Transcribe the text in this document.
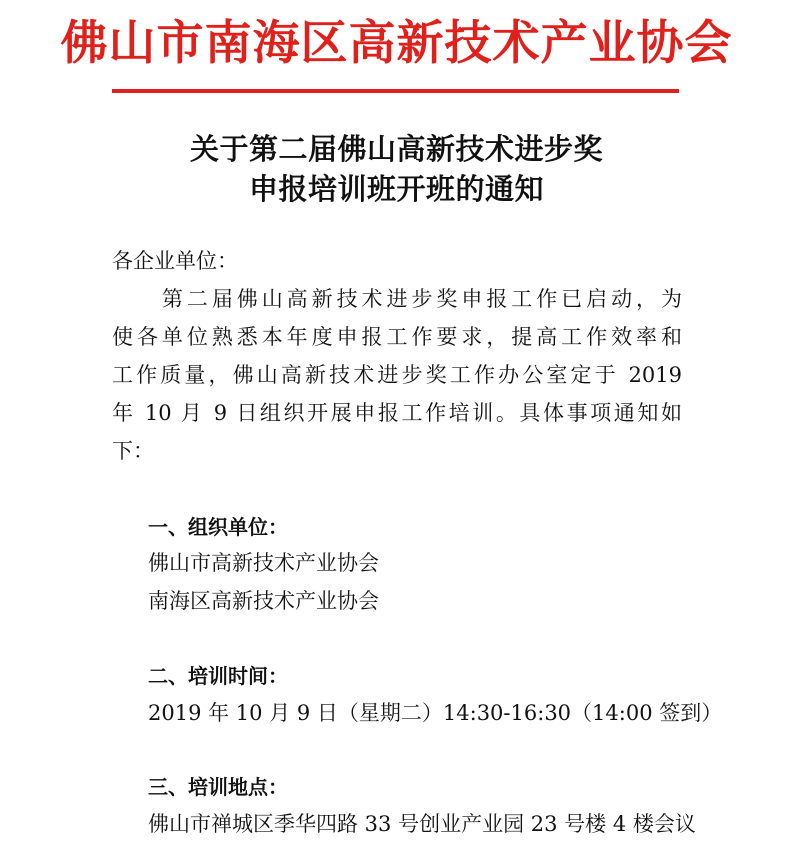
佛山市南海区高新技术产业协会
关于第二届佛山高新技术进步奖
申报培训班开班的通知
各企业单位：
　　第二届佛山高新技术进步奖申报工作已启动，为
使各单位熟悉本年度申报工作要求，提高工作效率和
工作质量，佛山高新技术进步奖工作办公室定于 2019
年 10 月 9 日组织开展申报工作培训。具体事项通知如
下：
一、组织单位：
佛山市高新技术产业协会
南海区高新技术产业协会
二、培训时间：
2019 年 10 月 9 日（星期二）14:30-16:30（14:00 签到）
三、培训地点：
佛山市禅城区季华四路 33 号创业产业园 23 号楼 4 楼会议
